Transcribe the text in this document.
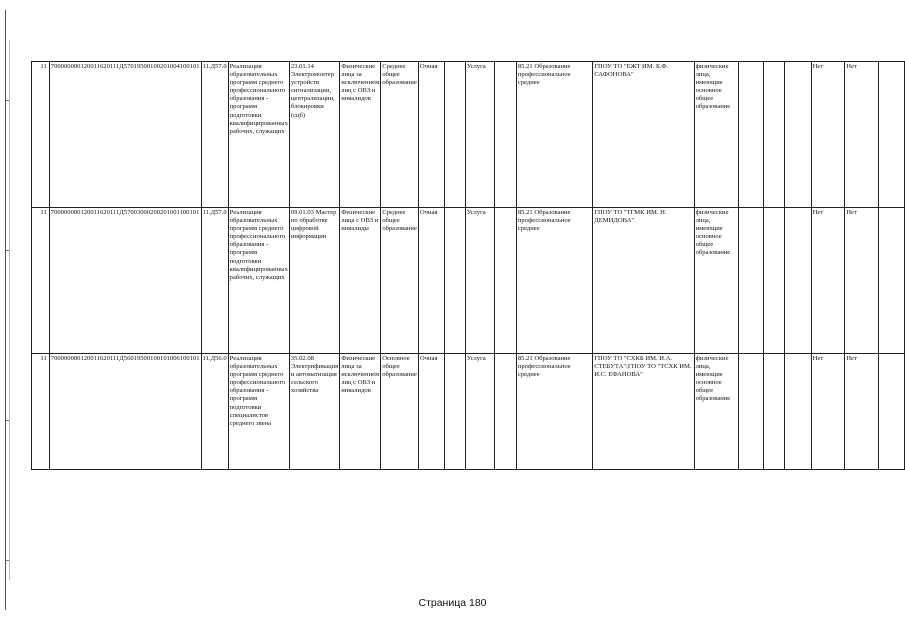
11	700000000120011620111Д57019500100201004100101	11.Д57.0	Реализация образовательных программ среднего профессионального образования - программ подготовки квалифицированных рабочих, служащих	23.01.14 Электромонтер устройств сигнализации, централизации, блокировки (сцб)	Физические лица за исключением лиц с ОВЗ и инвалидов	Среднее общее образование	Очная		Услуга		85.21 Образование профессиональное среднее	ГПОУ ТО "ЕЖТ ИМ. Б.Ф. САФОНОВА"	физические лица, имеющие основное общее образование				Нет	Нет	
11	700000000120011620111Д57003000200201001100101	11.Д57.0	Реализация образовательных программ среднего профессионального образования - программ подготовки квалифицированных рабочих, служащих	09.01.03 Мастер по обработке цифровой информации	Физические лица с ОВЗ и инвалиды	Среднее общее образование	Очная		Услуга		85.21 Образование профессиональное среднее	ГПОУ ТО "ТГМК ИМ. Н. ДЕМИДОВА"	физические лица, имеющие основное общее образование				Нет	Нет	
11	700000000120011620111Д56019500100101006100101	11.Д56.0	Реализация образовательных программ среднего профессионального образования - программ подготовки специалистов среднего звена	35.02.08 Электрификация и автоматизация сельского хозяйства	Физические лица за исключением лиц с ОВЗ и инвалидов	Основное общее образование	Очная		Услуга		85.21 Образование профессиональное среднее	ГПОУ ТО "СХКБ ИМ. И.А. СТЕБУТА";ГПОУ ТО "ТСХК ИМ. И.С. ЕФАНОВА"	физические лица, имеющие основное общее образование				Нет	Нет	
Страница 180
